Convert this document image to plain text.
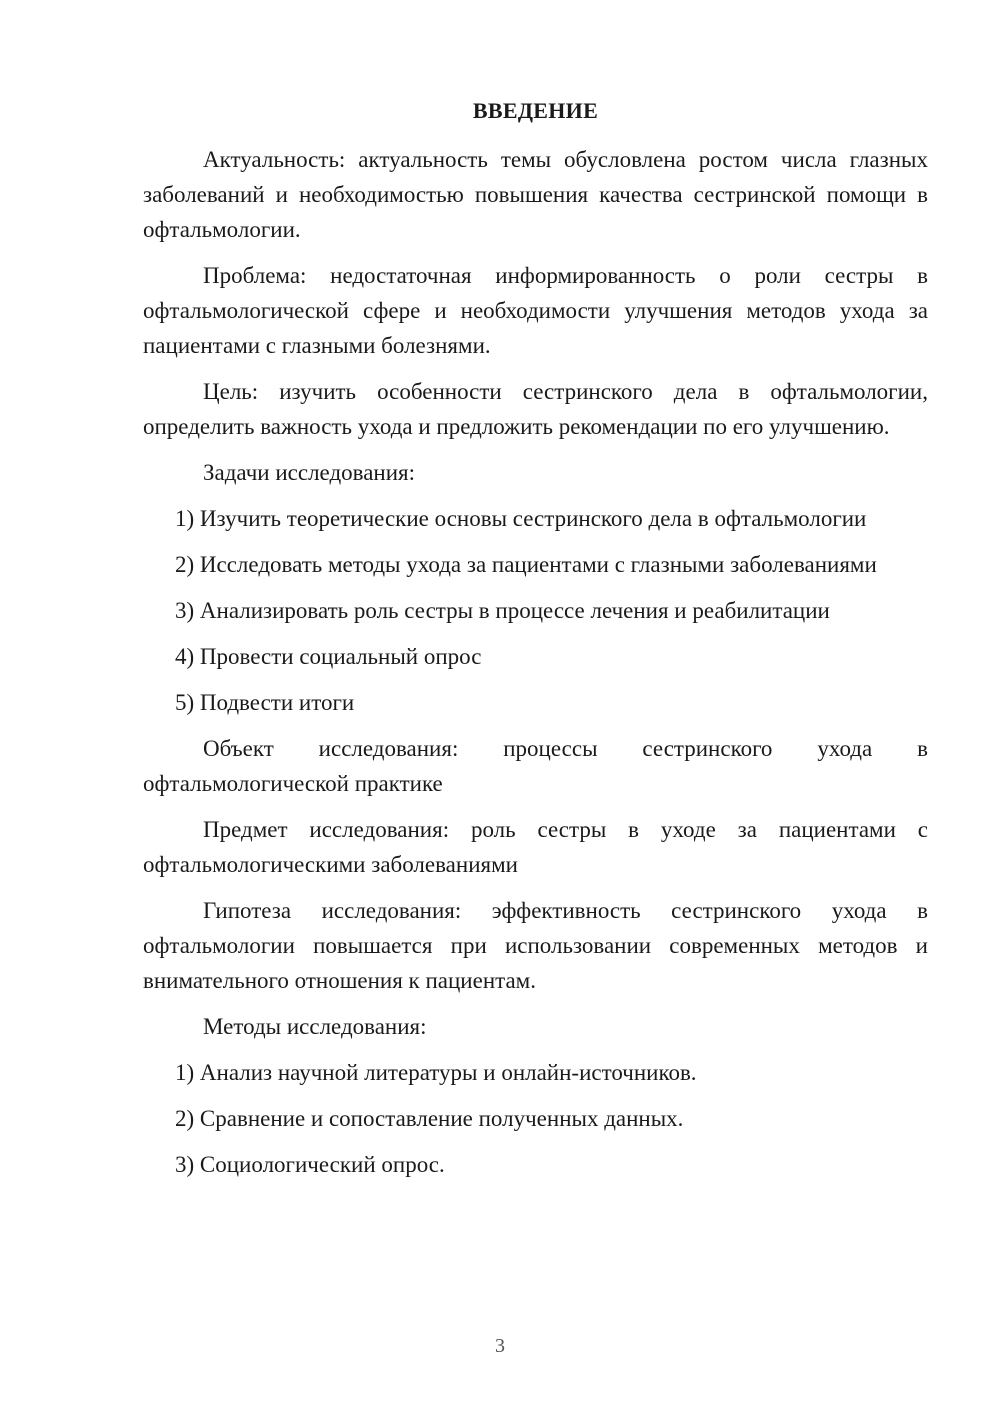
ВВЕДЕНИЕ

Актуальность: актуальность темы обусловлена ростом числа глазных заболеваний и необходимостью повышения качества сестринской помощи в офтальмологии.

Проблема: недостаточная информированность о роли сестры в офтальмологической сфере и необходимости улучшения методов ухода за пациентами с глазными болезнями.

Цель: изучить особенности сестринского дела в офтальмологии, определить важность ухода и предложить рекомендации по его улучшению.

Задачи исследования:

1) Изучить теоретические основы сестринского дела в офтальмологии

2) Исследовать методы ухода за пациентами с глазными заболеваниями

3) Анализировать роль сестры в процессе лечения и реабилитации

4) Провести социальный опрос

5) Подвести итоги

Объект исследования: процессы сестринского ухода в офтальмологической практике

Предмет исследования: роль сестры в уходе за пациентами с офтальмологическими заболеваниями

Гипотеза исследования: эффективность сестринского ухода в офтальмологии повышается при использовании современных методов и внимательного отношения к пациентам.

Методы исследования:

1) Анализ научной литературы и онлайн-источников.

2) Сравнение и сопоставление полученных данных.

3) Социологический опрос.

3
